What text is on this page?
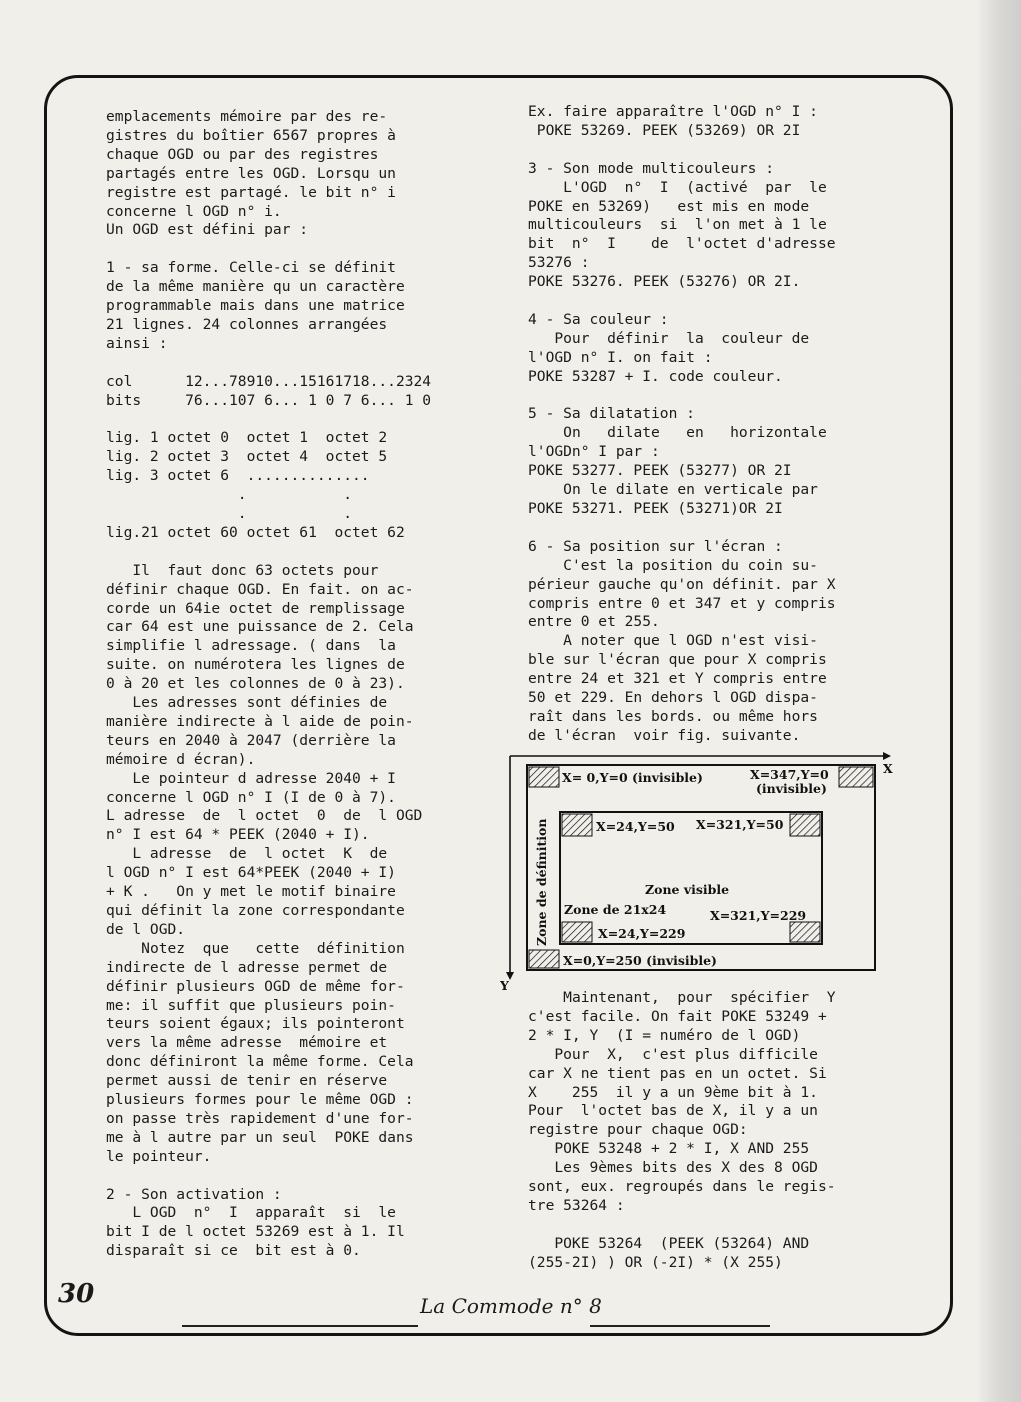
emplacements mémoire par des re-

gistres du boîtier 6567 propres à

chaque OGD ou par des registres

partagés entre les OGD. Lorsqu un

registre est partagé. le bit n° i

concerne l OGD n° i.

Un OGD est défini par :

1 - sa forme. Celle-ci se définit

de la même manière qu un caractère

programmable mais dans une matrice

21 lignes. 24 colonnes arrangées

ainsi :

col      12...78910...15161718...2324

bits     76...107 6... 1 0 7 6... 1 0

lig. 1 octet 0  octet 1  octet 2

lig. 2 octet 3  octet 4  octet 5

lig. 3 octet 6  ..............

.           .

.           .

lig.21 octet 60 octet 61  octet 62

Il  faut donc 63 octets pour

définir chaque OGD. En fait. on ac-

corde un 64ie octet de remplissage

car 64 est une puissance de 2. Cela

simplifie l adressage. ( dans  la

suite. on numérotera les lignes de

0 à 20 et les colonnes de 0 à 23).

Les adresses sont définies de

manière indirecte à l aide de poin-

teurs en 2040 à 2047 (derrière la

mémoire d écran).

Le pointeur d adresse 2040 + I

concerne l OGD n° I (I de 0 à 7).

L adresse  de  l octet  0  de  l OGD

n° I est 64 * PEEK (2040 + I).

L adresse  de  l octet  K  de

l OGD n° I est 64*PEEK (2040 + I)

+ K .   On y met le motif binaire

qui définit la zone correspondante

de l OGD.

Notez  que   cette  définition

indirecte de l adresse permet de

définir plusieurs OGD de même for-

me: il suffit que plusieurs poin-

teurs soient égaux; ils pointeront

vers la même adresse  mémoire et

donc définiront la même forme. Cela

permet aussi de tenir en réserve

plusieurs formes pour le même OGD :

on passe très rapidement d'une for-

me à l autre par un seul  POKE dans

le pointeur.

2 - Son activation :

L OGD  n°  I  apparaît  si  le

bit I de l octet 53269 est à 1. Il

disparaît si ce  bit est à 0.

Ex. faire apparaître l'OGD n° I :

POKE 53269. PEEK (53269) OR 2I

3 - Son mode multicouleurs :

L'OGD  n°  I  (activé  par  le

POKE en 53269)   est mis en mode

multicouleurs  si  l'on met à 1 le

bit  n°  I    de  l'octet d'adresse

53276 :

POKE 53276. PEEK (53276) OR 2I.

4 - Sa couleur :

Pour  définir  la  couleur de

l'OGD n° I. on fait :

POKE 53287 + I. code couleur.

5 - Sa dilatation :

On   dilate   en   horizontale

l'OGDn° I par :

POKE 53277. PEEK (53277) OR 2I

On le dilate en verticale par

POKE 53271. PEEK (53271)OR 2I

6 - Sa position sur l'écran :

C'est la position du coin su-

périeur gauche qu'on définit. par X

compris entre 0 et 347 et y compris

entre 0 et 255.

A noter que l OGD n'est visi-

ble sur l'écran que pour X compris

entre 24 et 321 et Y compris entre

50 et 229. En dehors l OGD dispa-

raît dans les bords. ou même hors

de l'écran  voir fig. suivante.

X
Y
X= 0,Y=0 (invisible)	X=347,Y=0
(invisible)
X=24,Y=50 X=321,Y=50
Zone visible
Zone de 21x24	X=321,Y=229
X=24,Y=229
X=0,Y=250 (invisible)
Zone de définition

Maintenant,  pour  spécifier  Y

c'est facile. On fait POKE 53249 +

2 * I, Y  (I = numéro de l OGD)

Pour  X,  c'est plus difficile

car X ne tient pas en un octet. Si

X    255  il y a un 9ème bit à 1.

Pour  l'octet bas de X, il y a un

registre pour chaque OGD:

POKE 53248 + 2 * I, X AND 255

Les 9èmes bits des X des 8 OGD

sont, eux. regroupés dans le regis-

tre 53264 :

POKE 53264  (PEEK (53264) AND

(255-2I) ) OR (-2I) * (X 255)

30	La Commode n° 8
